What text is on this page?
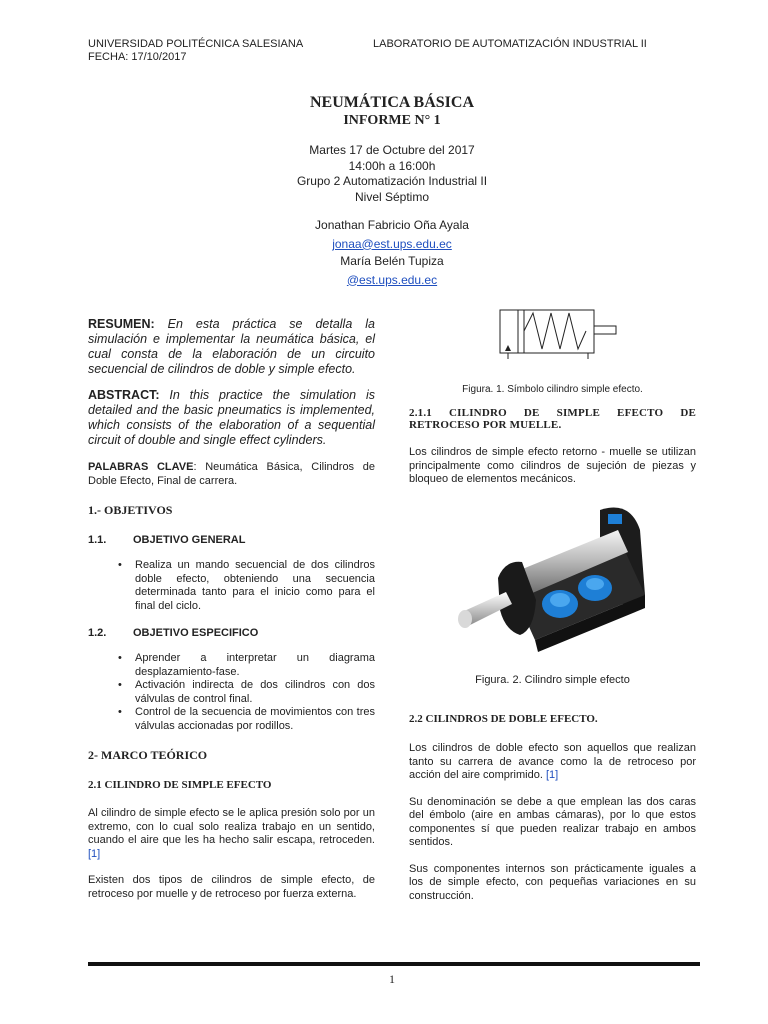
UNIVERSIDAD POLITÉCNICA SALESIANA
FECHA: 17/10/2017
LABORATORIO DE AUTOMATIZACIÓN INDUSTRIAL II
NEUMÁTICA BÁSICA
INFORME N° 1
Martes 17 de Octubre del 2017
14:00h a 16:00h
Grupo 2 Automatización Industrial II
Nivel Séptimo
Jonathan Fabricio Oña Ayala
jonaa@est.ups.edu.ec
María Belén Tupiza
@est.ups.edu.ec
RESUMEN: En esta práctica se detalla la simulación e implementar la neumática básica, el cual consta de la elaboración de un circuito secuencial de cilindros de doble y simple efecto.
ABSTRACT: In this practice the simulation is detailed and the basic pneumatics is implemented, which consists of the elaboration of a sequential circuit of double and single effect cylinders.
PALABRAS CLAVE: Neumática Básica, Cilindros de Doble Efecto, Final de carrera.
1.- OBJETIVOS
1.1. OBJETIVO GENERAL
• Realiza un mando secuencial de dos cilindros doble efecto, obteniendo una secuencia determinada tanto para el inicio como para el final del ciclo.
1.2. OBJETIVO ESPECIFICO
• Aprender a interpretar un diagrama desplazamiento-fase.
• Activación indirecta de dos cilindros con dos válvulas de control final.
• Control de la secuencia de movimientos con tres válvulas accionadas por rodillos.
2- MARCO TEÓRICO
2.1 CILINDRO DE SIMPLE EFECTO
Al cilindro de simple efecto se le aplica presión solo por un extremo, con lo cual solo realiza trabajo en un sentido, cuando el aire que les ha hecho salir escapa, retroceden. [1]
Existen dos tipos de cilindros de simple efecto, de retroceso por muelle y de retroceso por fuerza externa.
Figura. 1. Símbolo cilindro simple efecto.
2.1.1 CILINDRO DE SIMPLE EFECTO DE RETROCESO POR MUELLE.
Los cilindros de simple efecto retorno - muelle se utilizan principalmente como cilindros de sujeción de piezas y bloqueo de elementos mecánicos.
Figura. 2. Cilindro simple efecto
2.2 CILINDROS DE DOBLE EFECTO.
Los cilindros de doble efecto son aquellos que realizan tanto su carrera de avance como la de retroceso por acción del aire comprimido. [1]
Su denominación se debe a que emplean las dos caras del émbolo (aire en ambas cámaras), por lo que estos componentes sí que pueden realizar trabajo en ambos sentidos.
Sus componentes internos son prácticamente iguales a los de simple efecto, con pequeñas variaciones en su construcción.
1
